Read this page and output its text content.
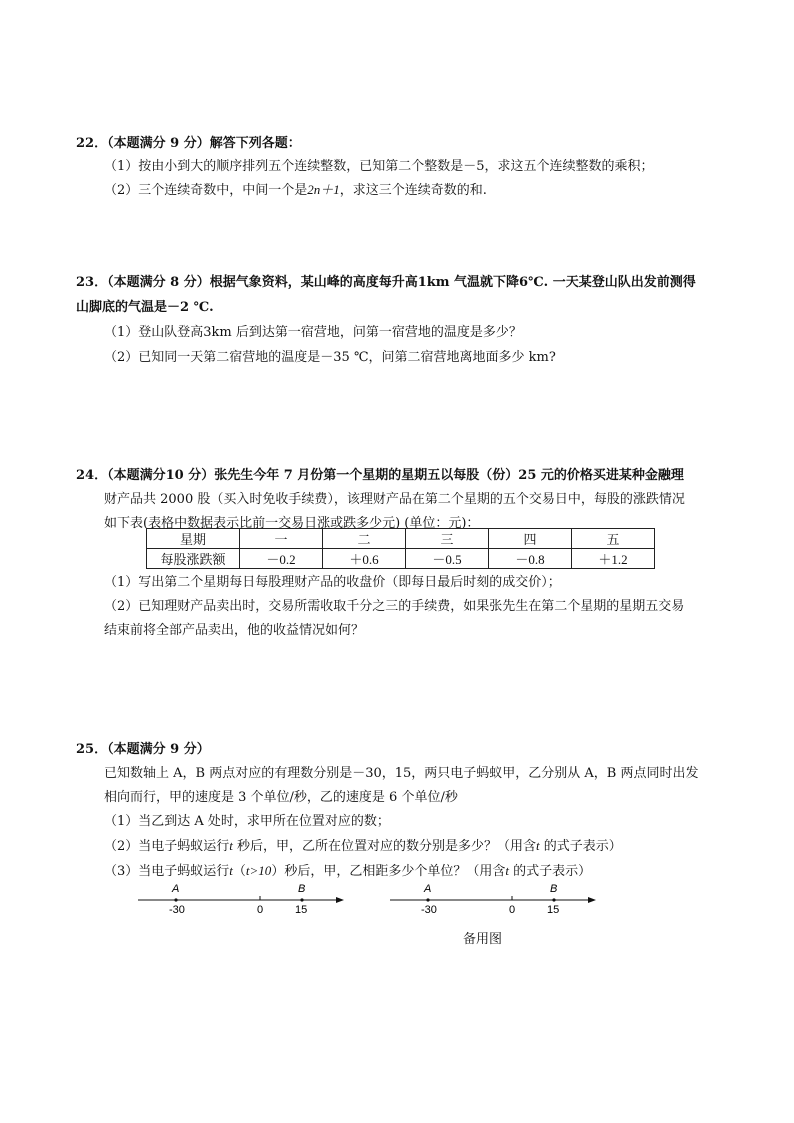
22．（本题满分 9 分）解答下列各题：
（1）按由小到大的顺序排列五个连续整数，已知第二个整数是－5，求这五个连续整数的乘积；
（2）三个连续奇数中，中间一个是2n＋1，求这三个连续奇数的和.
23．（本题满分 8 分）根据气象资料，某山峰的高度每升高1km 气温就下降6℃. 一天某登山队出发前测得
山脚底的气温是－2 ℃.
（1）登山队登高3km 后到达第一宿营地，问第一宿营地的温度是多少？
（2）已知同一天第二宿营地的温度是－35 ℃，问第二宿营地离地面多少 km?
24．（本题满分10 分）张先生今年 7 月份第一个星期的星期五以每股（份）25 元的价格买进某种金融理
财产品共 2000 股（买入时免收手续费），该理财产品在第二个星期的五个交易日中，每股的涨跌情况
如下表(表格中数据表示比前一交易日涨或跌多少元) (单位：元)：
星期	一	二	三	四	五
每股涨跌额	－0.2	＋0.6	－0.5	－0.8	＋1.2
（1）写出第二个星期每日每股理财产品的收盘价（即每日最后时刻的成交价）；
（2）已知理财产品卖出时，交易所需收取千分之三的手续费，如果张先生在第二个星期的星期五交易
结束前将全部产品卖出，他的收益情况如何？
25．（本题满分 9 分）
已知数轴上 A，B 两点对应的有理数分别是－30，15，两只电子蚂蚁甲，乙分别从 A，B 两点同时出发
相向而行，甲的速度是 3 个单位/秒，乙的速度是 6 个单位/秒
（1）当乙到达 A 处时，求甲所在位置对应的数；
（2）当电子蚂蚁运行t 秒后，甲，乙所在位置对应的数分别是多少？（用含t 的式子表示）
（3）当电子蚂蚁运行t（t>10）秒后，甲，乙相距多少个单位？（用含t 的式子表示）
A	B
-30	0	15
A	B
-30	0	15
备用图
